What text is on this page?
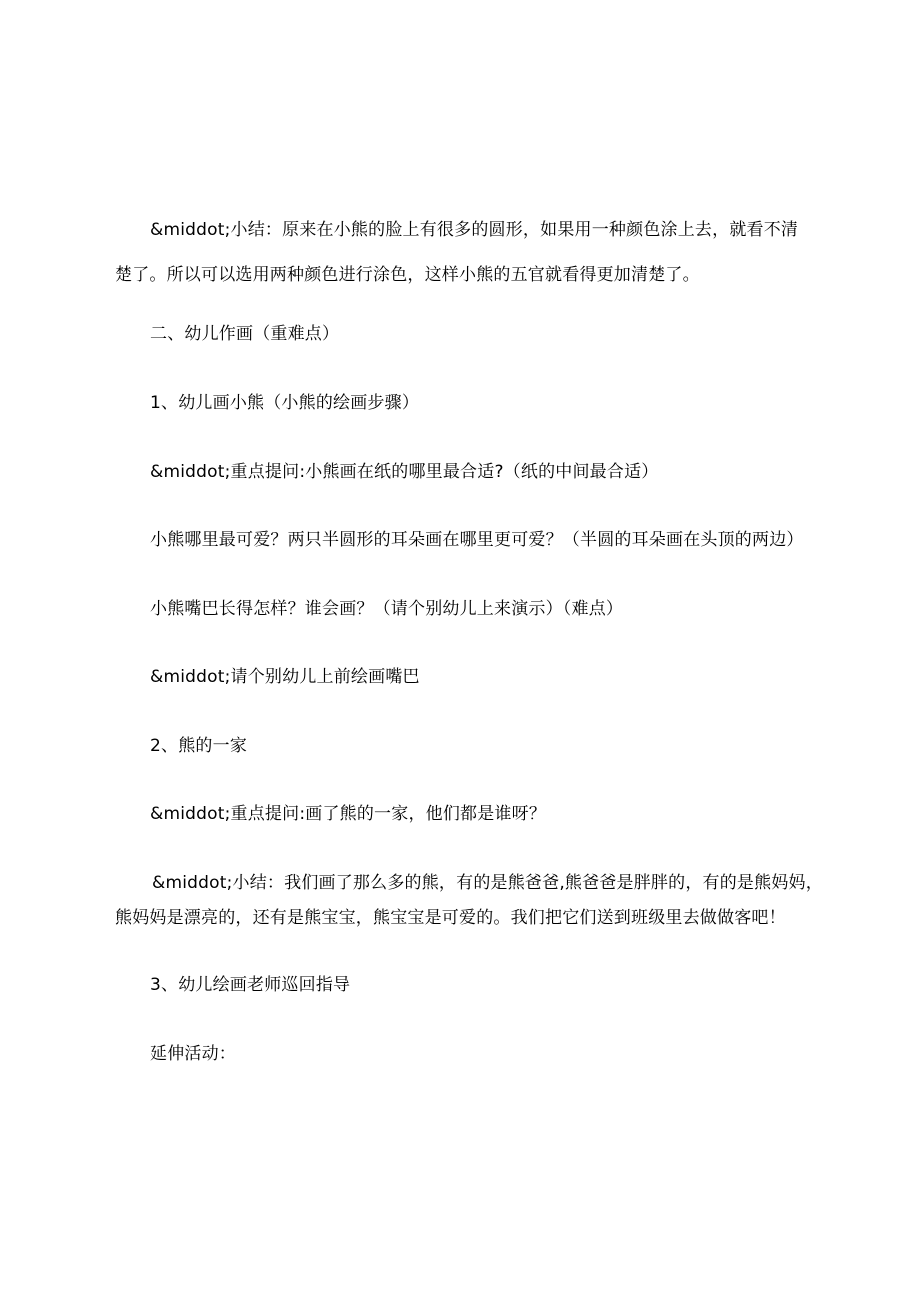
&middot;小结：原来在小熊的脸上有很多的圆形，如果用一种颜色涂上去，就看不清
楚了。所以可以选用两种颜色进行涂色，这样小熊的五官就看得更加清楚了。
二、幼儿作画（重难点）
1、幼儿画小熊（小熊的绘画步骤）
&middot;重点提问:小熊画在纸的哪里最合适?（纸的中间最合适）
小熊哪里最可爱？两只半圆形的耳朵画在哪里更可爱？（半圆的耳朵画在头顶的两边）
小熊嘴巴长得怎样？谁会画？（请个别幼儿上来演示）（难点）
&middot;请个别幼儿上前绘画嘴巴
2、熊的一家
&middot;重点提问:画了熊的一家，他们都是谁呀？
&middot;小结：我们画了那么多的熊，有的是熊爸爸,熊爸爸是胖胖的，有的是熊妈妈，
熊妈妈是漂亮的，还有是熊宝宝，熊宝宝是可爱的。我们把它们送到班级里去做做客吧！
3、幼儿绘画老师巡回指导
延伸活动：
